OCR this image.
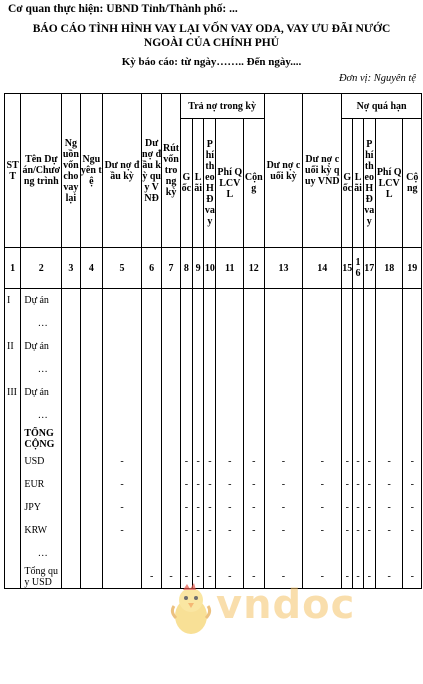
Cơ quan thực hiện: UBND Tỉnh/Thành phố: ...
BÁO CÁO TÌNH HÌNH VAY LẠI VỐN VAY ODA, VAY ƯU ĐÃI NƯỚC
NGOÀI CỦA CHÍNH PHỦ
Kỳ báo cáo: từ ngày…….. Đến ngày....
Đơn vị: Nguyên tệ
STT	Tên Dự án/Chương trình	Nguồn vốn cho vay lại	Nguyên tệ	Dư nợ đầu kỳ	Dư nợ đầu kỳ quy VNĐ	Rút vốn trong kỳ	Trả nợ trong kỳ					Dư nợ cuối kỳ	Dư nợ cuối kỳ quy VND	Nợ quá hạn				
							Gốc	Lãi	Phí theo HĐ vay	Phí QLCVL	Cộng			Gốc	Lãi	Phí theo HĐ vay	Phí QLCVL	Cộng
1	2	3	4	5	6	7	8	9	10	11	12	13	14	15	16	17	18	19
I	Dự án																	
	…																	
II	Dự án																	
	…																	
III	Dự án																	
	…																	
	TỔNG CỘNG																	
	USD			-			-	-	-	-	-	-	-	-	-	-	-	-
	EUR			-			-	-	-	-	-	-	-	-	-	-	-	-
	JPY			-			-	-	-	-	-	-	-	-	-	-	-	-
	KRW			-			-	-	-	-	-	-	-	-	-	-	-	-
	…																	
	Tổng quy USD				-	-	-	-	-	-	-	-	-	-	-	-	-	-
vndoc
